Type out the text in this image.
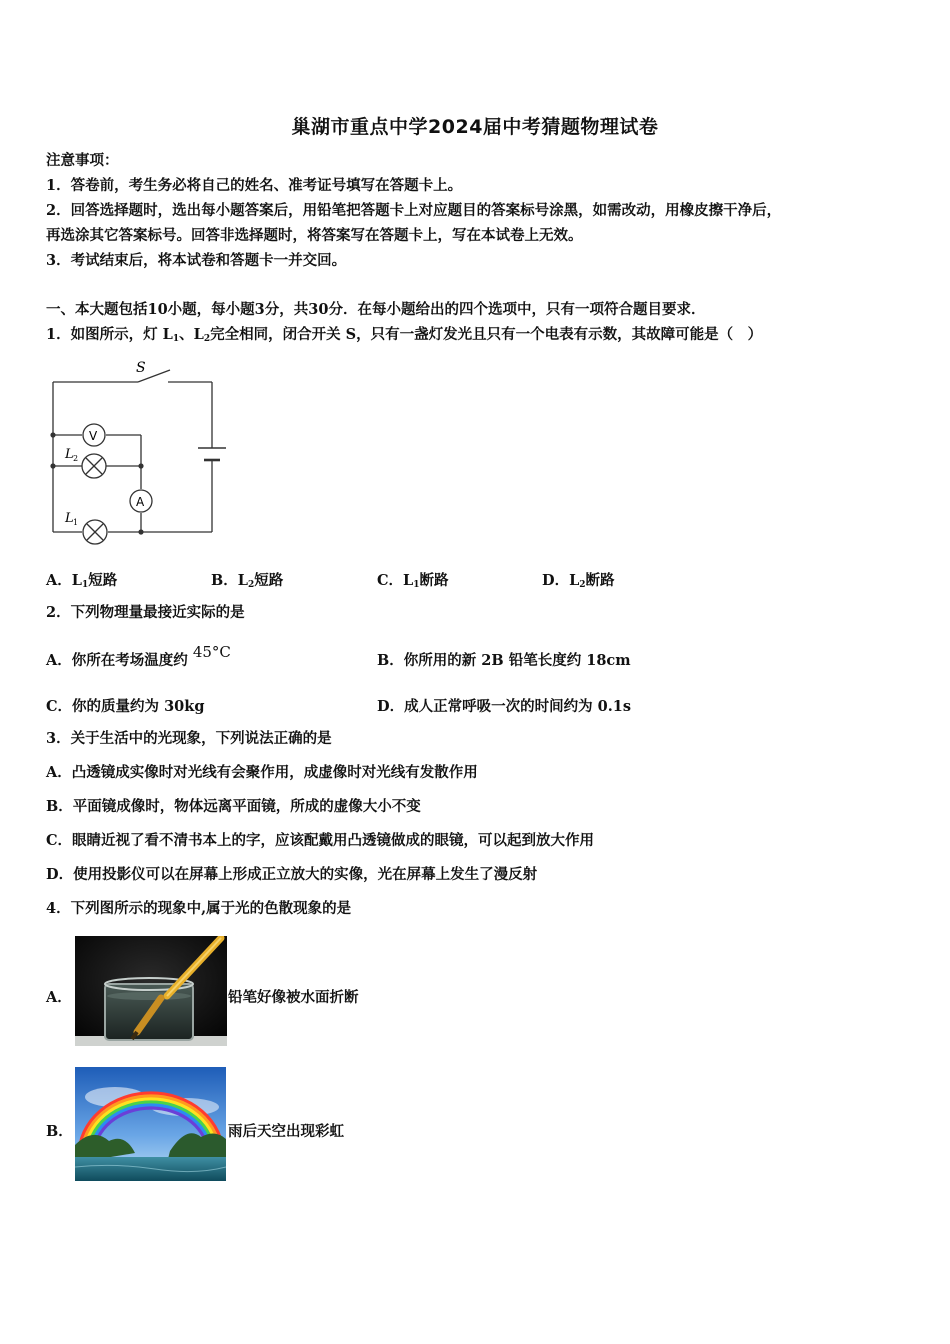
巢湖市重点中学2024届中考猜题物理试卷
注意事项：
1．答卷前，考生务必将自己的姓名、准考证号填写在答题卡上。
2．回答选择题时，选出每小题答案后，用铅笔把答题卡上对应题目的答案标号涂黑，如需改动，用橡皮擦干净后，
再选涂其它答案标号。回答非选择题时，将答案写在答题卡上，写在本试卷上无效。
3．考试结束后，将本试卷和答题卡一并交回。
一、本大题包括10小题，每小题3分，共30分．在每小题给出的四个选项中，只有一项符合题目要求．
1．如图所示，灯 $L_1$、$L_2$完全相同，闭合开关 S，只有一盏灯发光且只有一个电表有示数，其故障可能是（　）
S
V
A
L 2
L 1
A．$L_1$短路	B．$L_2$短路	C．$L_1$断路	D．$L_2$断路
2．下列物理量最接近实际的是
A．你所在考场温度约 45°C	B．你所用的新 2B 铅笔长度约 18cm
C．你的质量约为 30kg	D．成人正常呼吸一次的时间约为 0.1s
3．关于生活中的光现象，下列说法正确的是
A．凸透镜成实像时对光线有会聚作用，成虚像时对光线有发散作用
B．平面镜成像时，物体远离平面镜，所成的虚像大小不变
C．眼睛近视了看不清书本上的字，应该配戴用凸透镜做成的眼镜，可以起到放大作用
D．使用投影仪可以在屏幕上形成正立放大的实像，光在屏幕上发生了漫反射
4．下列图所示的现象中,属于光的色散现象的是
A．	铅笔好像被水面折断
B．	雨后天空出现彩虹
